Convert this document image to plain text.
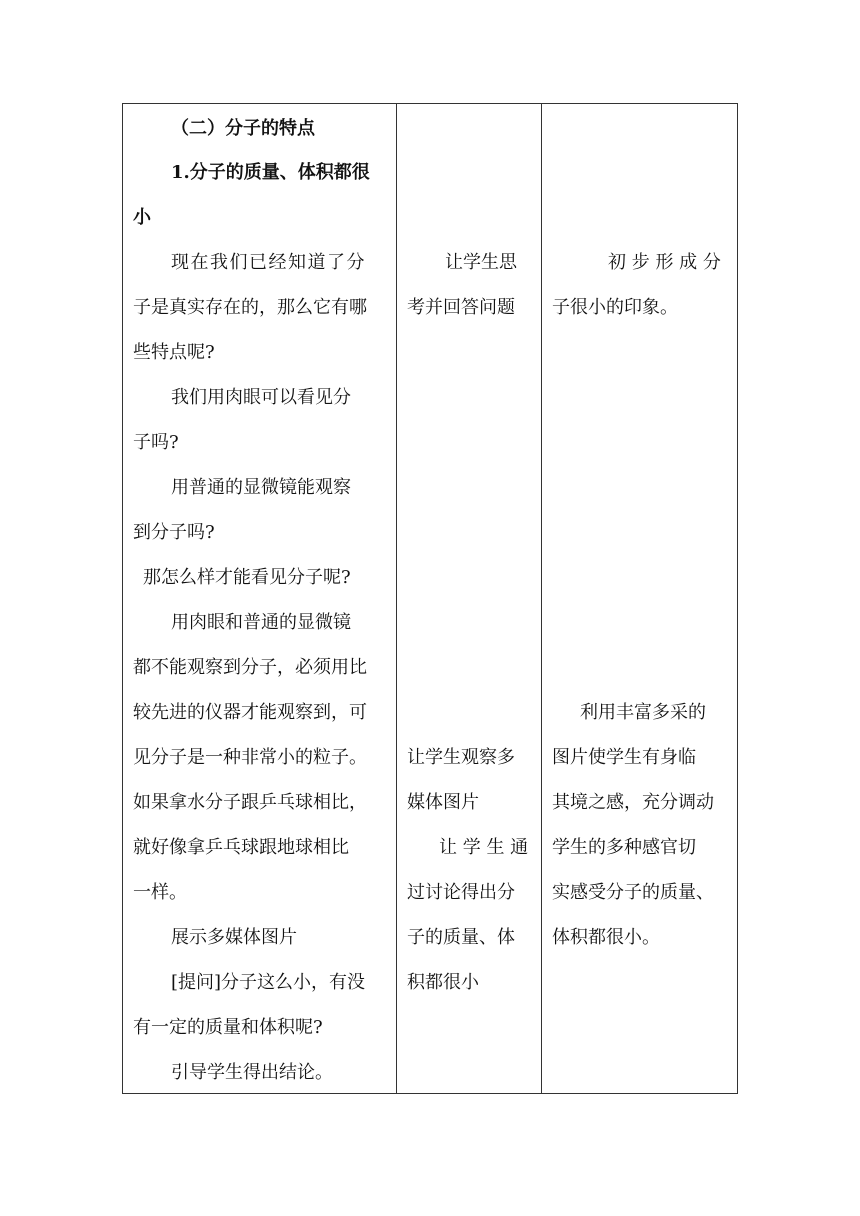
（二）分子的特点
1.分子的质量、体积都很
小
现在我们已经知道了分
子是真实存在的，那么它有哪
些特点呢?
我们用肉眼可以看见分
子吗?
用普通的显微镜能观察
到分子吗?
那怎么样才能看见分子呢?
用肉眼和普通的显微镜
都不能观察到分子，必须用比
较先进的仪器才能观察到，可
见分子是一种非常小的粒子。
如果拿水分子跟乒乓球相比，
就好像拿乒乓球跟地球相比
一样。
展示多媒体图片
[提问]分子这么小，有没
有一定的质量和体积呢?
引导学生得出结论。
让学生思
考并回答问题
让学生观察多
媒体图片
让 学 生 通
过讨论得出分
子的质量、体
积都很小
初 步 形 成 分
子很小的印象。
利用丰富多采的
图片使学生有身临
其境之感，充分调动
学生的多种感官切
实感受分子的质量、
体积都很小。
